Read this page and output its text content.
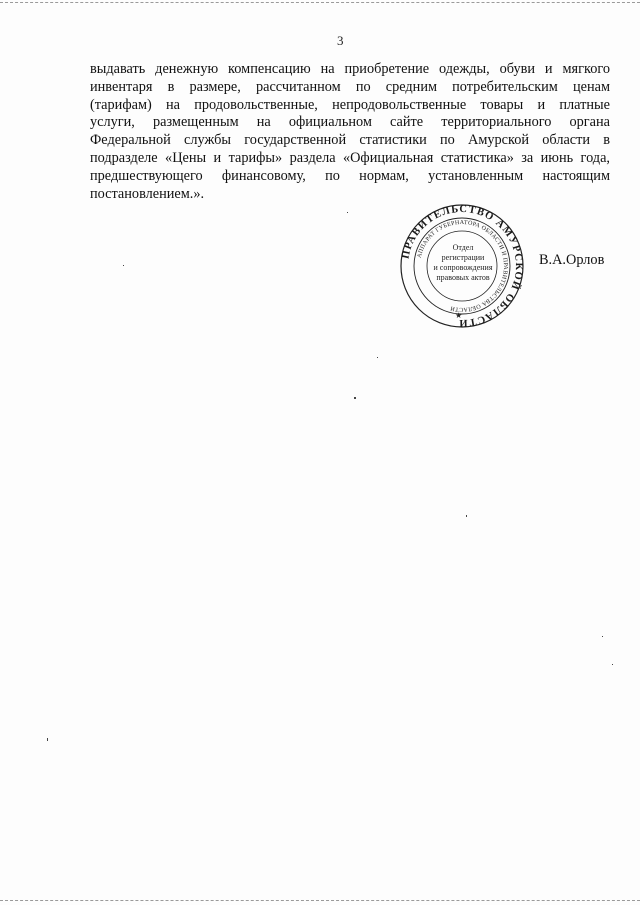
3
выдавать денежную компенсацию на приобретение одежды, обуви и мягкого
инвентаря в размере, рассчитанном по средним потребительским ценам
(тарифам) на продовольственные, непродовольственные товары и платные
услуги, размещенным на официальном сайте территориального органа
Федеральной службы государственной статистики по Амурской области в
подразделе «Цены и тарифы» раздела «Официальная статистика» за июнь года,
предшествующего финансовому, по нормам, установленным настоящим
постановлением.».
ПРАВИТЕЛЬСТВО АМУРСКОЙ ОБЛАСТИ
АППАРАТ ГУБЕРНАТОРА ОБЛАСТИ И ПРАВИТЕЛЬСТВА ОБЛАСТИ
★
Отдел
регистрации
и сопровождения
правовых актов
В.А.Орлов
